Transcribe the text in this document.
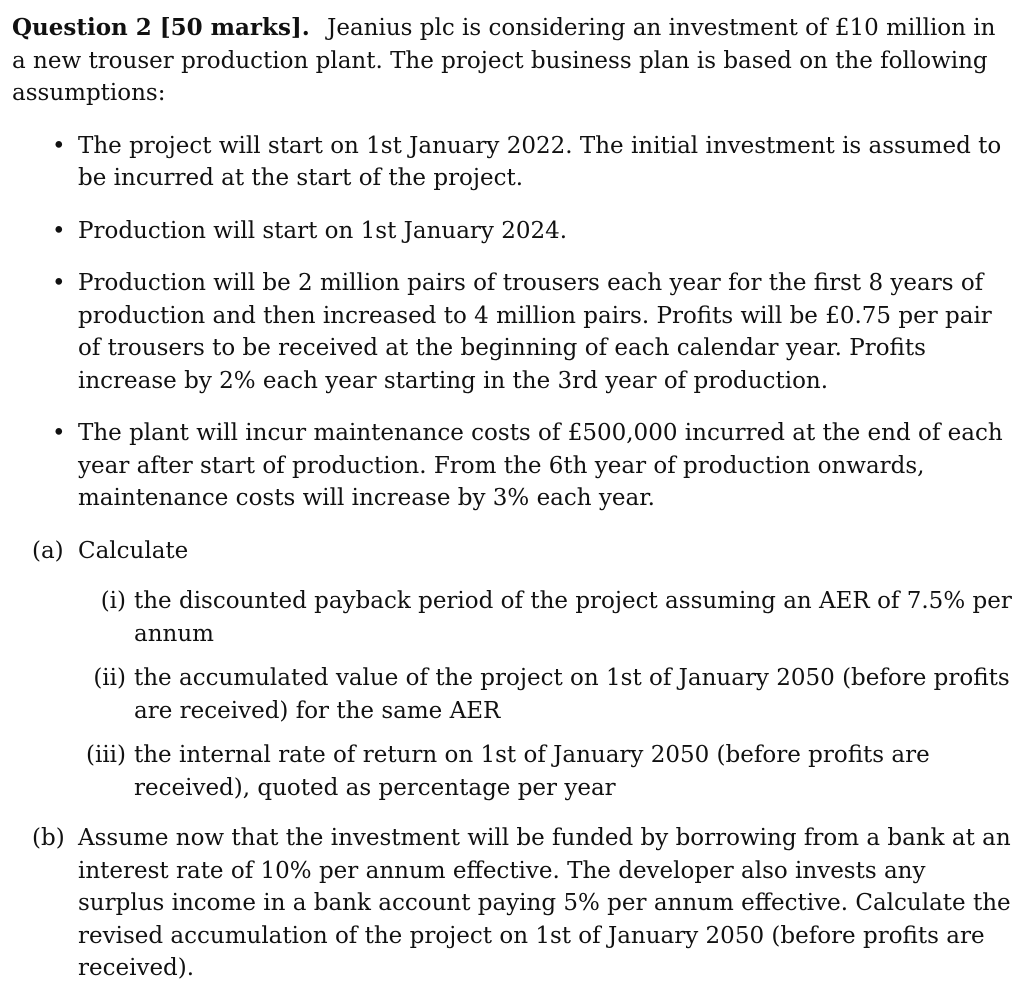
Question 2 [50 marks]. Jeanius plc is considering an investment of £10 million in a new trouser production plant. The project business plan is based on the following assumptions:

• The project will start on 1st January 2022. The initial investment is assumed to be incurred at the start of the project.
• Production will start on 1st January 2024.
• Production will be 2 million pairs of trousers each year for the first 8 years of production and then increased to 4 million pairs. Profits will be £0.75 per pair of trousers to be received at the beginning of each calendar year. Profits increase by 2% each year starting in the 3rd year of production.
• The plant will incur maintenance costs of £500,000 incurred at the end of each year after start of production. From the 6th year of production onwards, maintenance costs will increase by 3% each year.
(a) Calculate
(i) the discounted payback period of the project assuming an AER of 7.5% per annum
(ii) the accumulated value of the project on 1st of January 2050 (before profits are received) for the same AER
(iii) the internal rate of return on 1st of January 2050 (before profits are received), quoted as percentage per year
(b) Assume now that the investment will be funded by borrowing from a bank at an interest rate of 10% per annum effective. The developer also invests any surplus income in a bank account paying 5% per annum effective. Calculate the revised accumulation of the project on 1st of January 2050 (before profits are received).
